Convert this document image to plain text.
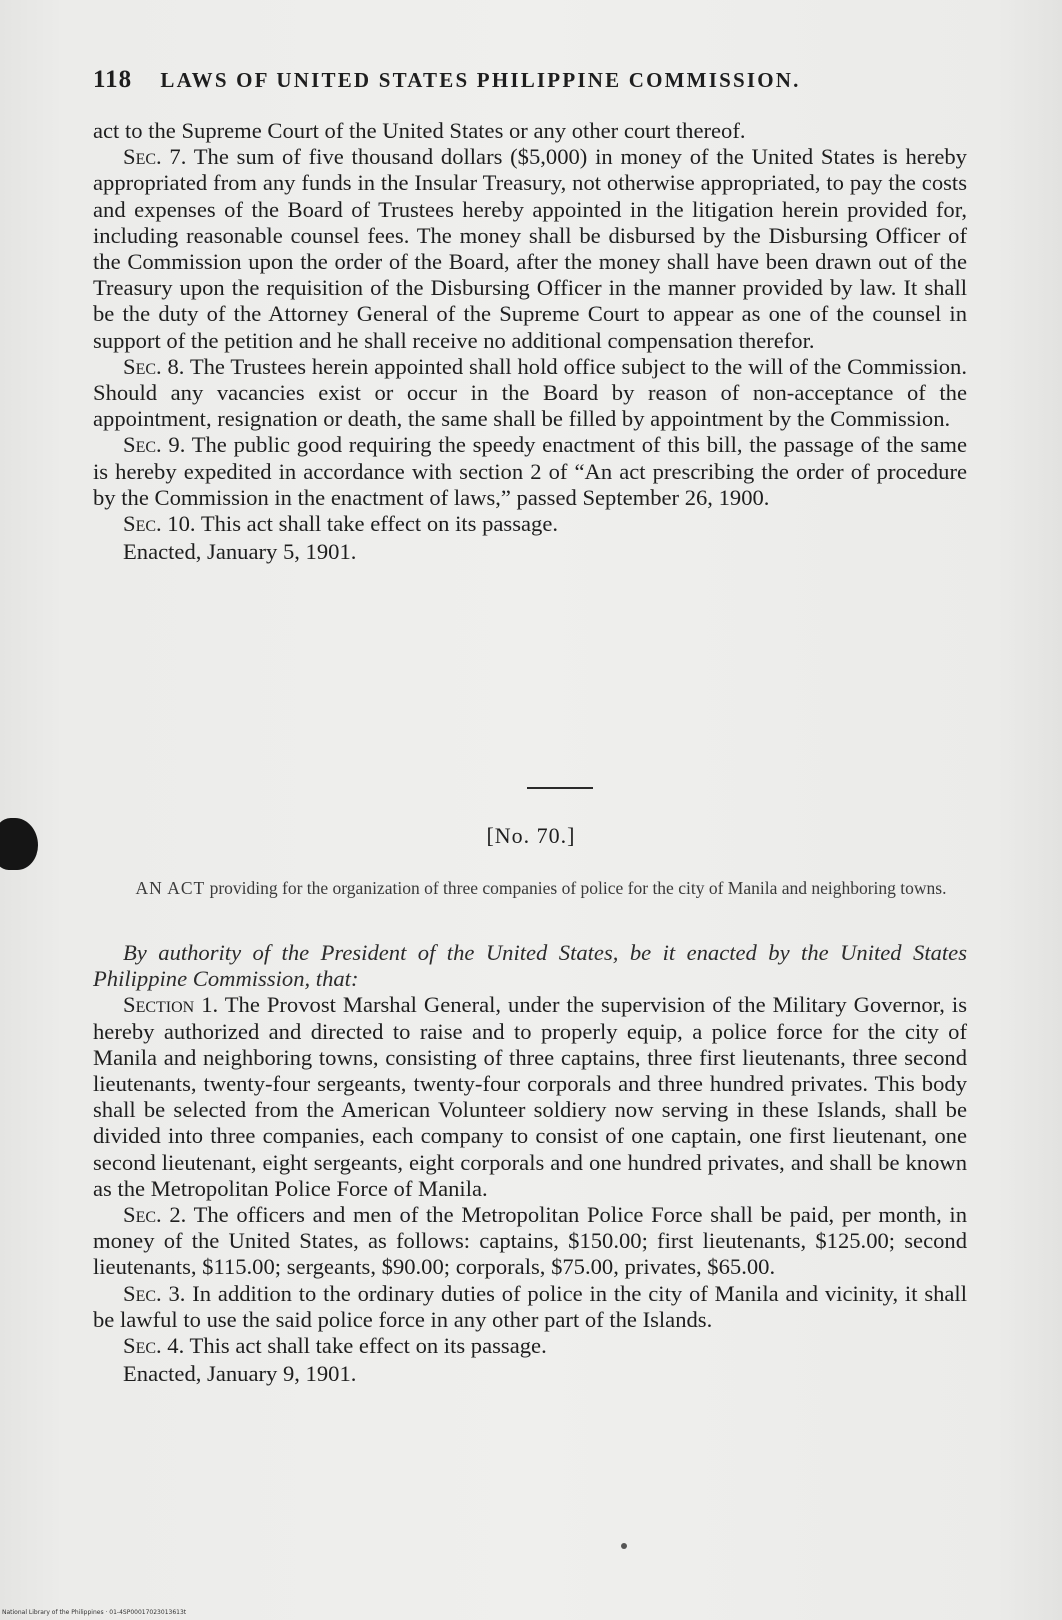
118 LAWS OF UNITED STATES PHILIPPINE COMMISSION.

act to the Supreme Court of the United States or any other court thereof.

Sec. 7. The sum of five thousand dollars ($5,000) in money of the United States is hereby appropriated from any funds in the Insular Treasury, not otherwise appropriated, to pay the costs and expenses of the Board of Trustees hereby appointed in the litigation herein provided for, including reasonable counsel fees. The money shall be disbursed by the Disbursing Officer of the Commission upon the order of the Board, after the money shall have been drawn out of the Treasury upon the requisition of the Disbursing Officer in the manner provided by law. It shall be the duty of the Attorney General of the Supreme Court to appear as one of the counsel in support of the petition and he shall receive no additional compensation therefor.

Sec. 8. The Trustees herein appointed shall hold office subject to the will of the Commission. Should any vacancies exist or occur in the Board by reason of non-acceptance of the appointment, resignation or death, the same shall be filled by appointment by the Commission.

Sec. 9. The public good requiring the speedy enactment of this bill, the passage of the same is hereby expedited in accordance with section 2 of “An act prescribing the order of procedure by the Commission in the enactment of laws,” passed September 26, 1900.

Sec. 10. This act shall take effect on its passage.

Enacted, January 5, 1901.

[No. 70.]
AN ACT providing for the organization of three companies of police for the city of Manila and neighboring towns.

By authority of the President of the United States, be it enacted by the United States Philippine Commission, that:

Section 1. The Provost Marshal General, under the supervision of the Military Governor, is hereby authorized and directed to raise and to properly equip, a police force for the city of Manila and neighboring towns, consisting of three captains, three first lieutenants, three second lieutenants, twenty-four sergeants, twenty-four corporals and three hundred privates. This body shall be selected from the American Volunteer soldiery now serving in these Islands, shall be divided into three companies, each company to consist of one captain, one first lieutenant, one second lieutenant, eight sergeants, eight corporals and one hundred privates, and shall be known as the Metropolitan Police Force of Manila.

Sec. 2. The officers and men of the Metropolitan Police Force shall be paid, per month, in money of the United States, as follows: captains, $150.00; first lieutenants, $125.00; second lieutenants, $115.00; sergeants, $90.00; corporals, $75.00, privates, $65.00.

Sec. 3. In addition to the ordinary duties of police in the city of Manila and vicinity, it shall be lawful to use the said police force in any other part of the Islands.

Sec. 4. This act shall take effect on its passage.

Enacted, January 9, 1901.

National Library of the Philippines · 01-4SP00017023013613t
